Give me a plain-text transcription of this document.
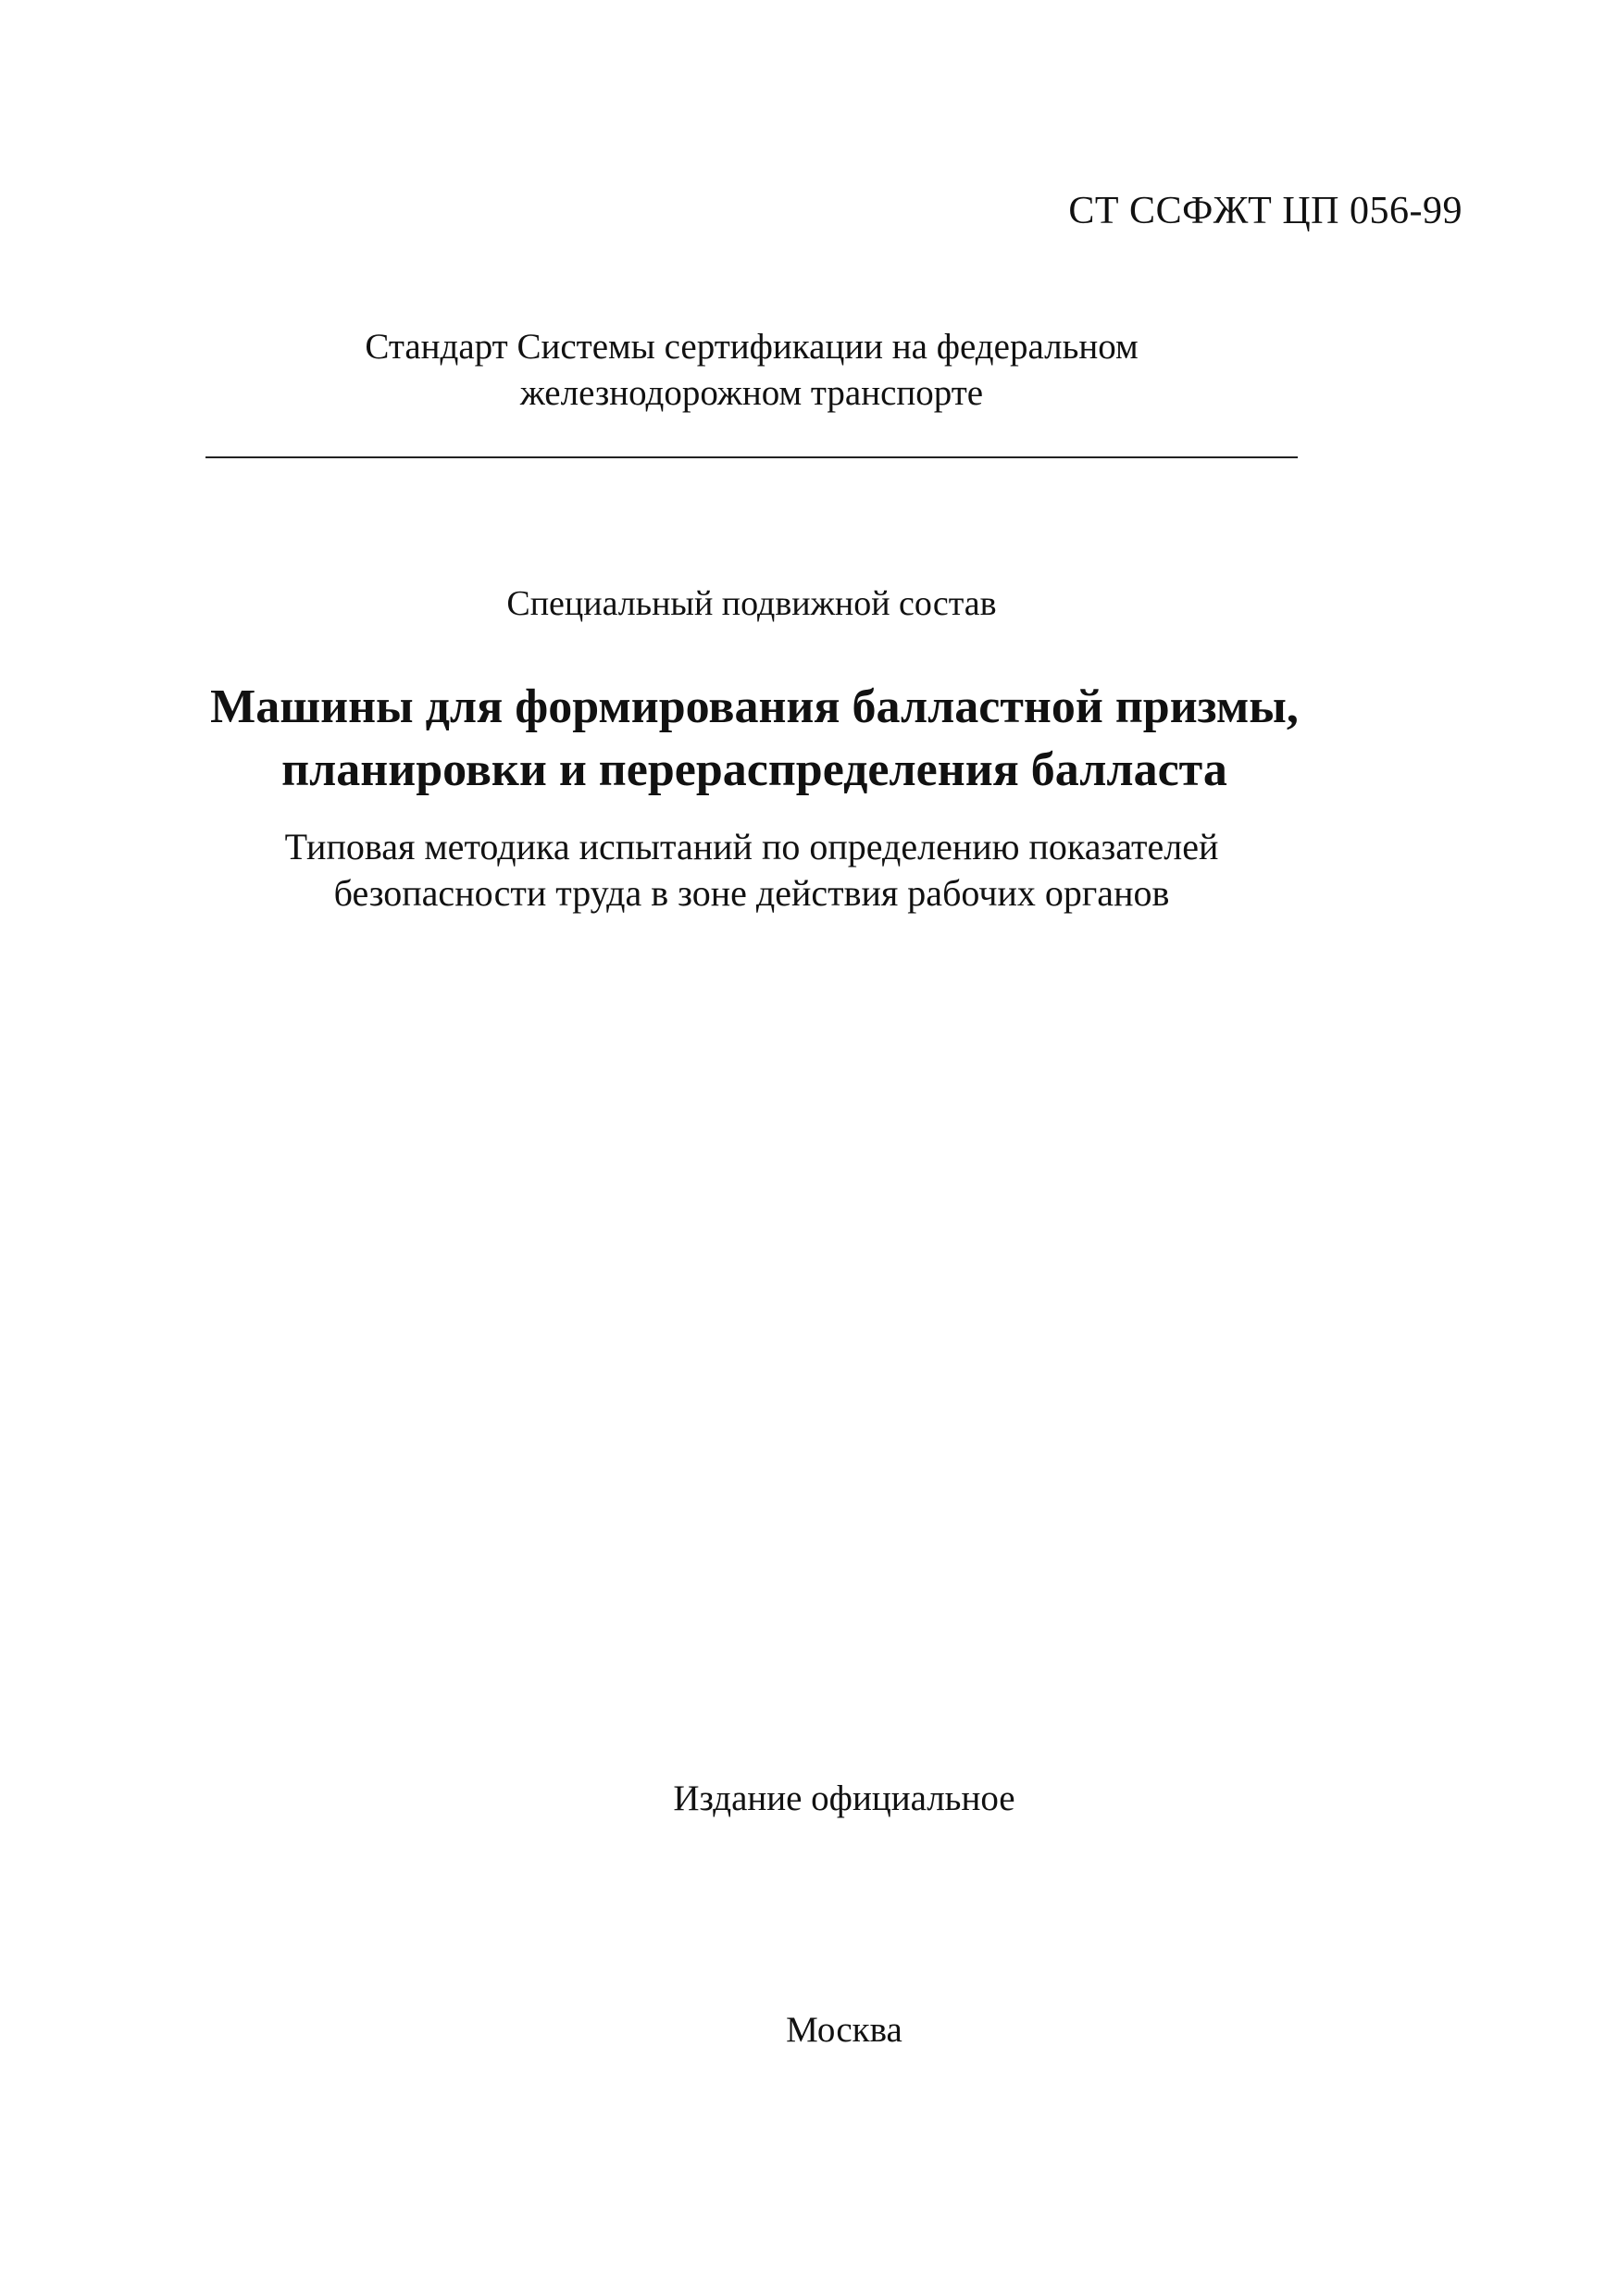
СТ ССФЖТ ЦП 056-99
Стандарт Системы сертификации на федеральном
железнодорожном транспорте
Специальный подвижной состав
Машины для формирования балластной призмы,
планировки и перераспределения балласта
Типовая методика испытаний по определению показателей
безопасности труда в зоне действия рабочих органов
Издание официальное
Москва
